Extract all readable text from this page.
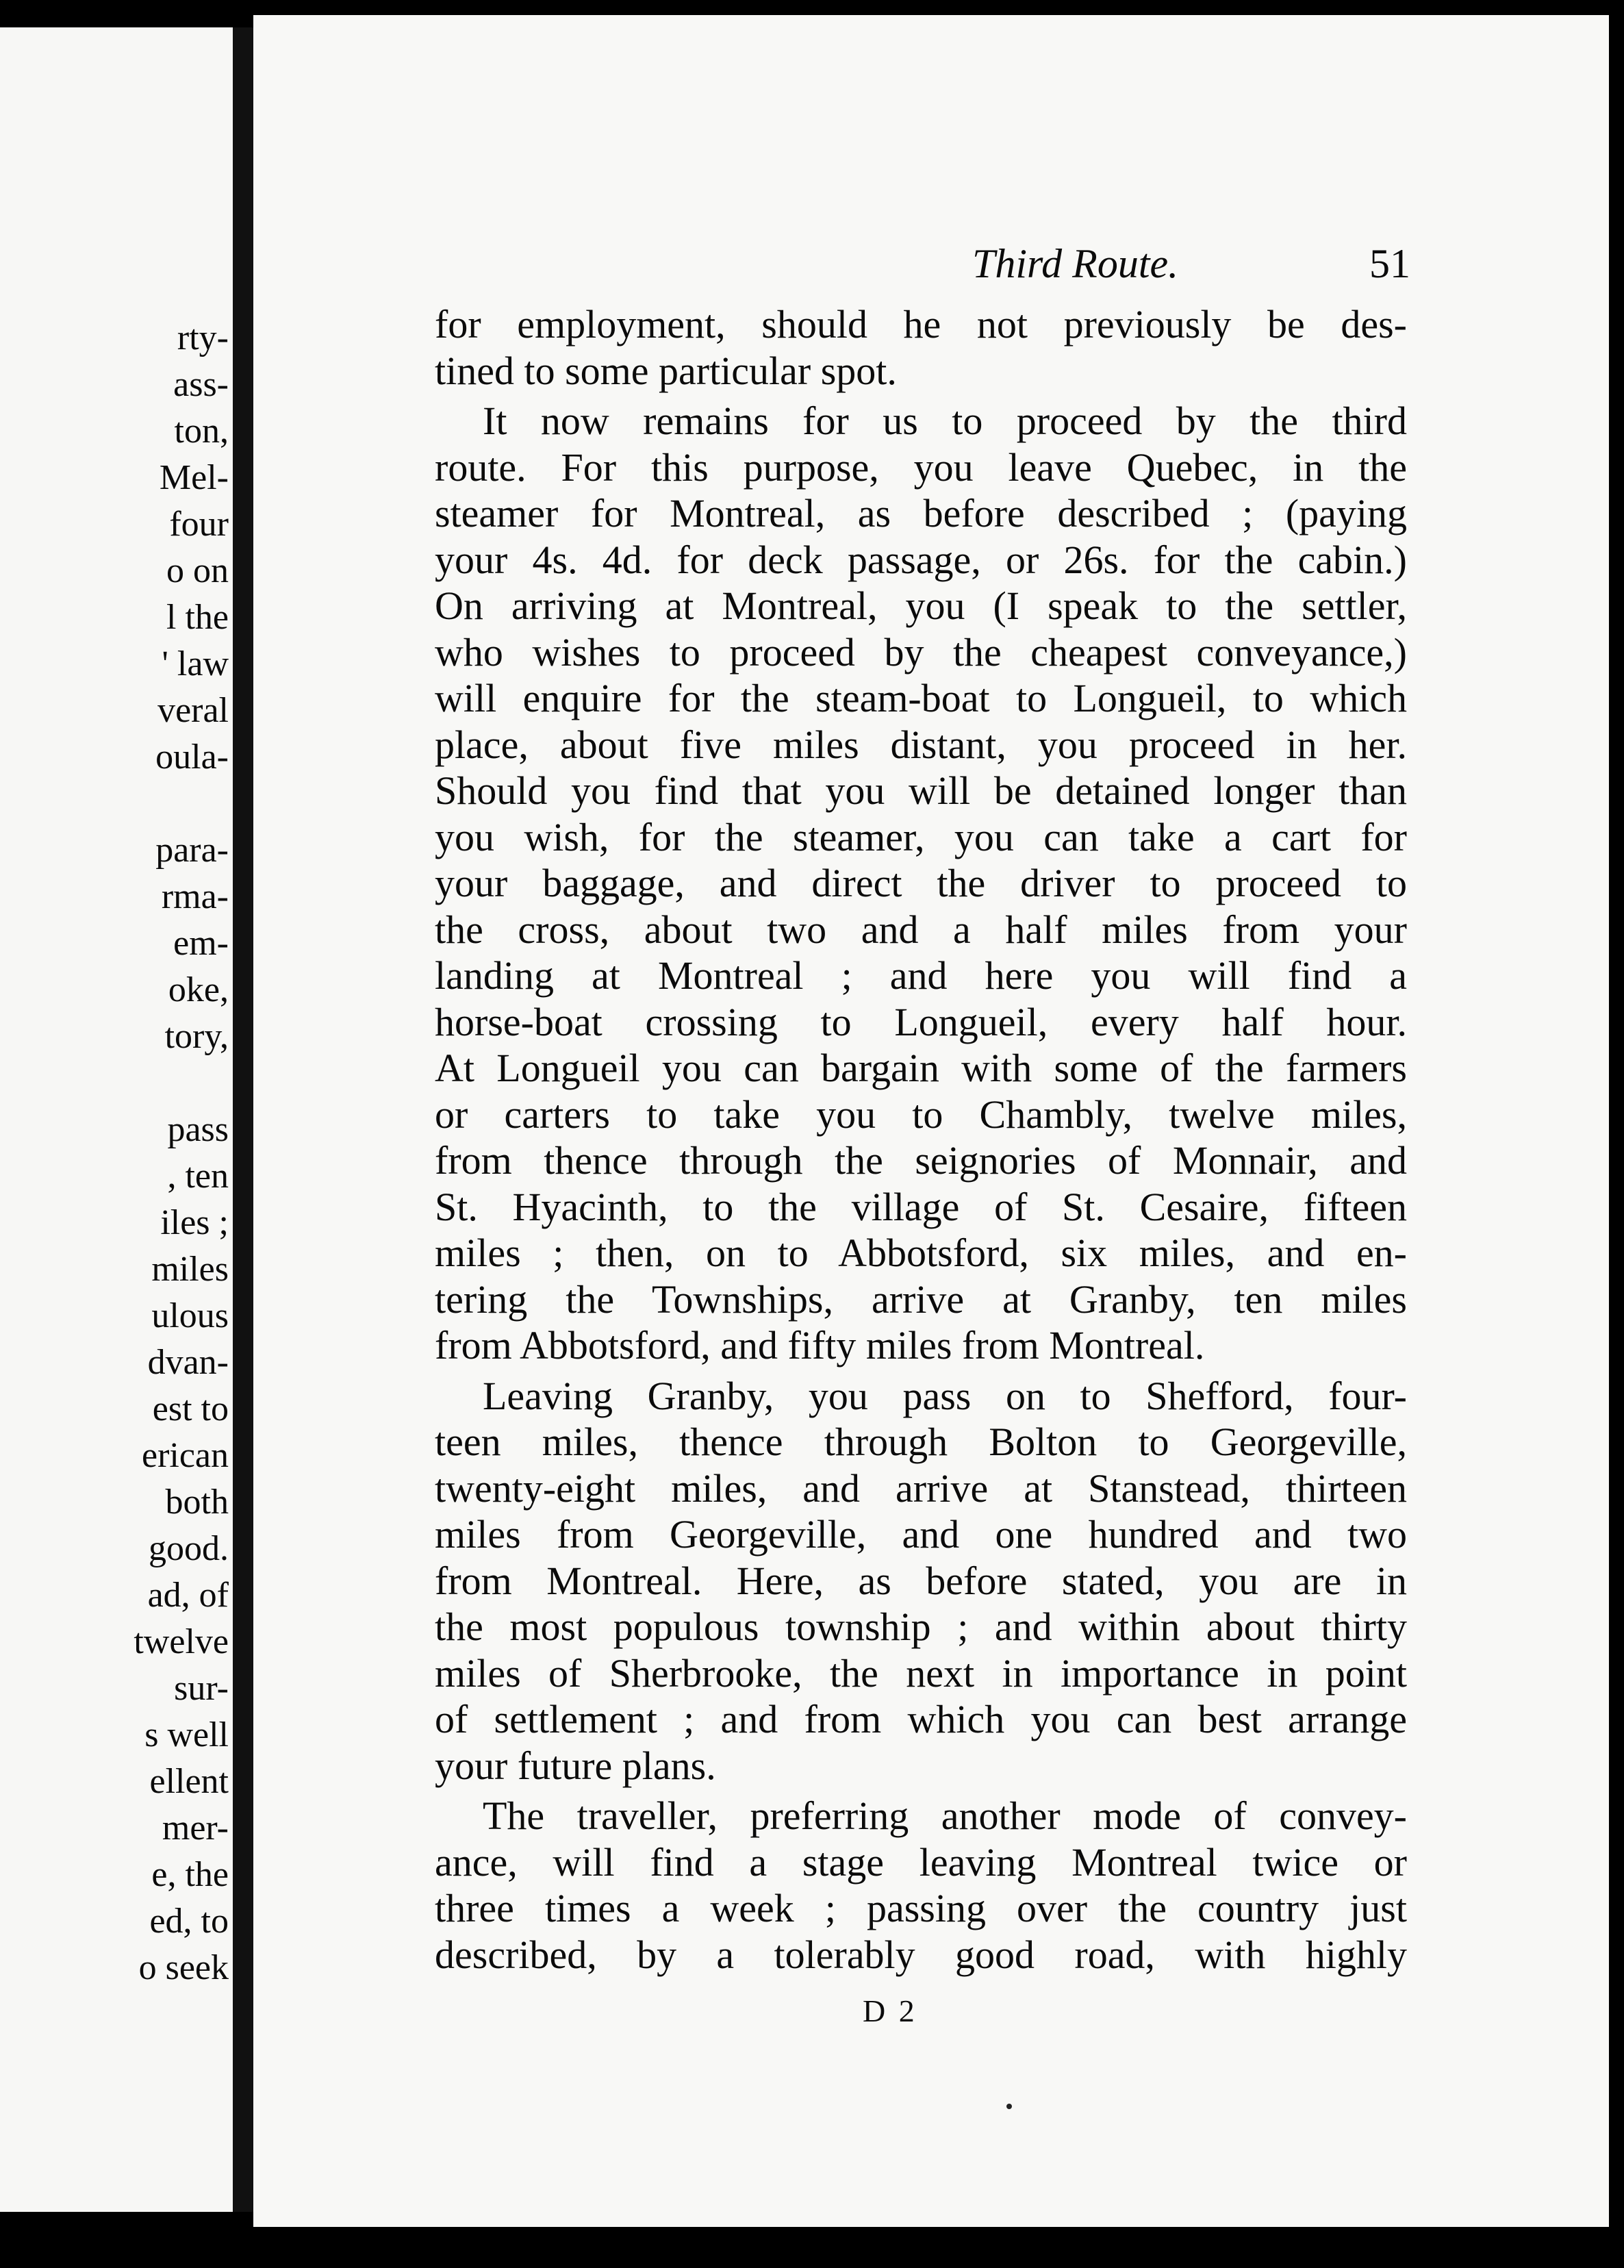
rty-
ass-
ton,
Mel-
four
o on
l the
' law
veral
oula-
para-
rma-
em-
oke,
tory,
pass
, ten
iles ;
miles
ulous
dvan-
est to
erican
both
good.
ad, of
twelve
sur-
s well
ellent
mer-
e, the
ed, to
o seek
Third Route.	51
for employment, should he not previously be des-
tined to some particular spot.
It now remains for us to proceed by the third
route. For this purpose, you leave Quebec, in the
steamer for Montreal, as before described ; (paying
your 4s. 4d. for deck passage, or 26s. for the cabin.)
On arriving at Montreal, you (I speak to the settler,
who wishes to proceed by the cheapest conveyance,)
will enquire for the steam-boat to Longueil, to which
place, about five miles distant, you proceed in her.
Should you find that you will be detained longer than
you wish, for the steamer, you can take a cart for
your baggage, and direct the driver to proceed to
the cross, about two and a half miles from your
landing at Montreal ; and here you will find a
horse-boat crossing to Longueil, every half hour.
At Longueil you can bargain with some of the farmers
or carters to take you to Chambly, twelve miles,
from thence through the seignories of Monnair, and
St. Hyacinth, to the village of St. Cesaire, fifteen
miles ; then, on to Abbotsford, six miles, and en-
tering the Townships, arrive at Granby, ten miles
from Abbotsford, and fifty miles from Montreal.
Leaving Granby, you pass on to Shefford, four-
teen miles, thence through Bolton to Georgeville,
twenty-eight miles, and arrive at Stanstead, thirteen
miles from Georgeville, and one hundred and two
from Montreal. Here, as before stated, you are in
the most populous township ; and within about thirty
miles of Sherbrooke, the next in importance in point
of settlement ; and from which you can best arrange
your future plans.
The traveller, preferring another mode of convey-
ance, will find a stage leaving Montreal twice or
three times a week ; passing over the country just
described, by a tolerably good road, with highly
D 2
